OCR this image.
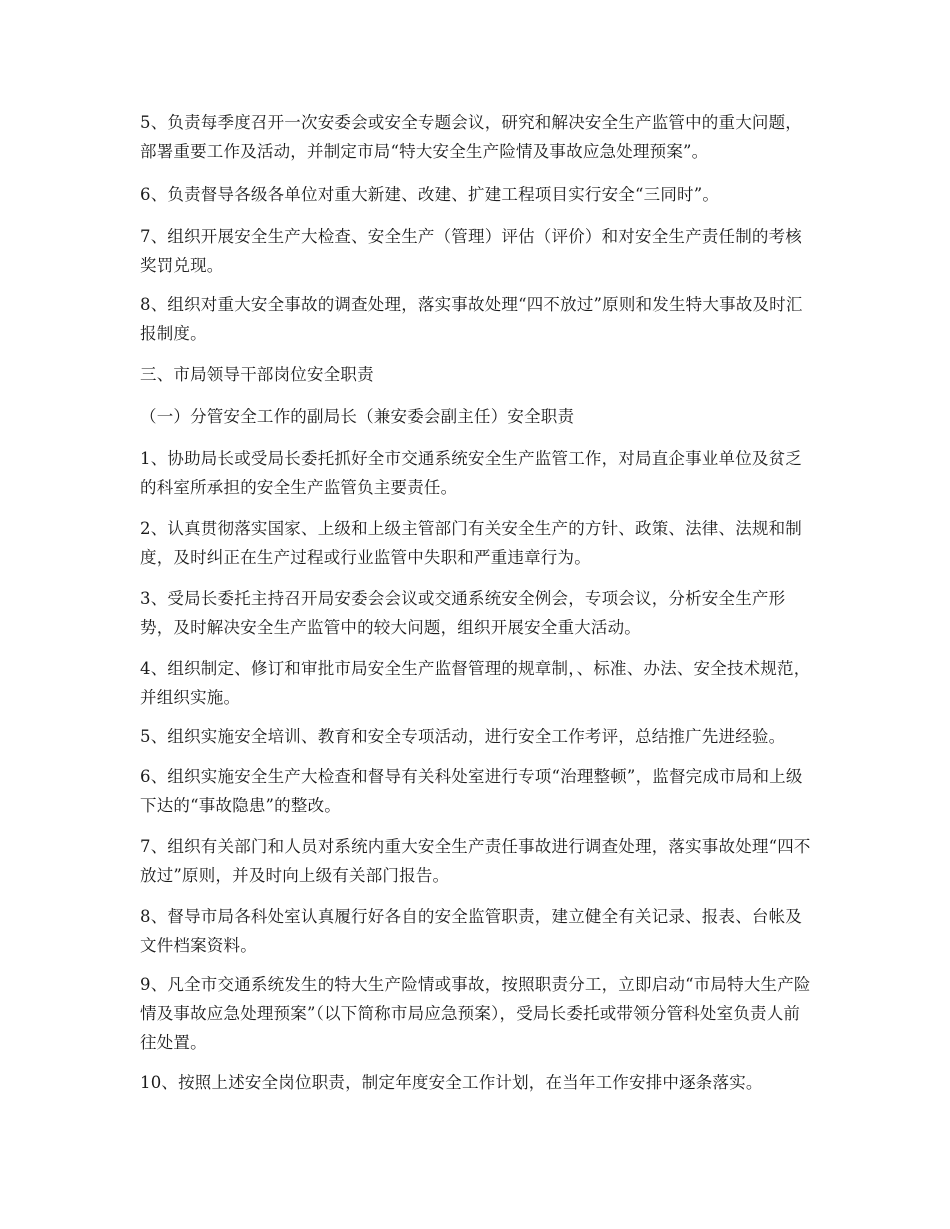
5、负责每季度召开一次安委会或安全专题会议，研究和解决安全生产监管中的重大问题，部署重要工作及活动，并制定市局“特大安全生产险情及事故应急处理预案”。

6、负责督导各级各单位对重大新建、改建、扩建工程项目实行安全“三同时”。

7、组织开展安全生产大检查、安全生产（管理）评估（评价）和对安全生产责任制的考核奖罚兑现。

8、组织对重大安全事故的调查处理，落实事故处理“四不放过”原则和发生特大事故及时汇报制度。

三、市局领导干部岗位安全职责

（一）分管安全工作的副局长（兼安委会副主任）安全职责

1、协助局长或受局长委托抓好全市交通系统安全生产监管工作，对局直企事业单位及贫乏的科室所承担的安全生产监管负主要责任。

2、认真贯彻落实国家、上级和上级主管部门有关安全生产的方针、政策、法律、法规和制度，及时纠正在生产过程或行业监管中失职和严重违章行为。

3、受局长委托主持召开局安委会会议或交通系统安全例会，专项会议，分析安全生产形势，及时解决安全生产监管中的较大问题，组织开展安全重大活动。

4、组织制定、修订和审批市局安全生产监督管理的规章制，、标准、办法、安全技术规范，并组织实施。

5、组织实施安全培训、教育和安全专项活动，进行安全工作考评，总结推广先进经验。

6、组织实施安全生产大检查和督导有关科处室进行专项“治理整顿”，监督完成市局和上级下达的“事故隐患”的整改。

7、组织有关部门和人员对系统内重大安全生产责任事故进行调查处理，落实事故处理“四不放过”原则，并及时向上级有关部门报告。

8、督导市局各科处室认真履行好各自的安全监管职责，建立健全有关记录、报表、台帐及文件档案资料。

9、凡全市交通系统发生的特大生产险情或事故，按照职责分工，立即启动“市局特大生产险情及事故应急处理预案”（以下简称市局应急预案），受局长委托或带领分管科处室负责人前往处置。

10、按照上述安全岗位职责，制定年度安全工作计划，在当年工作安排中逐条落实。
